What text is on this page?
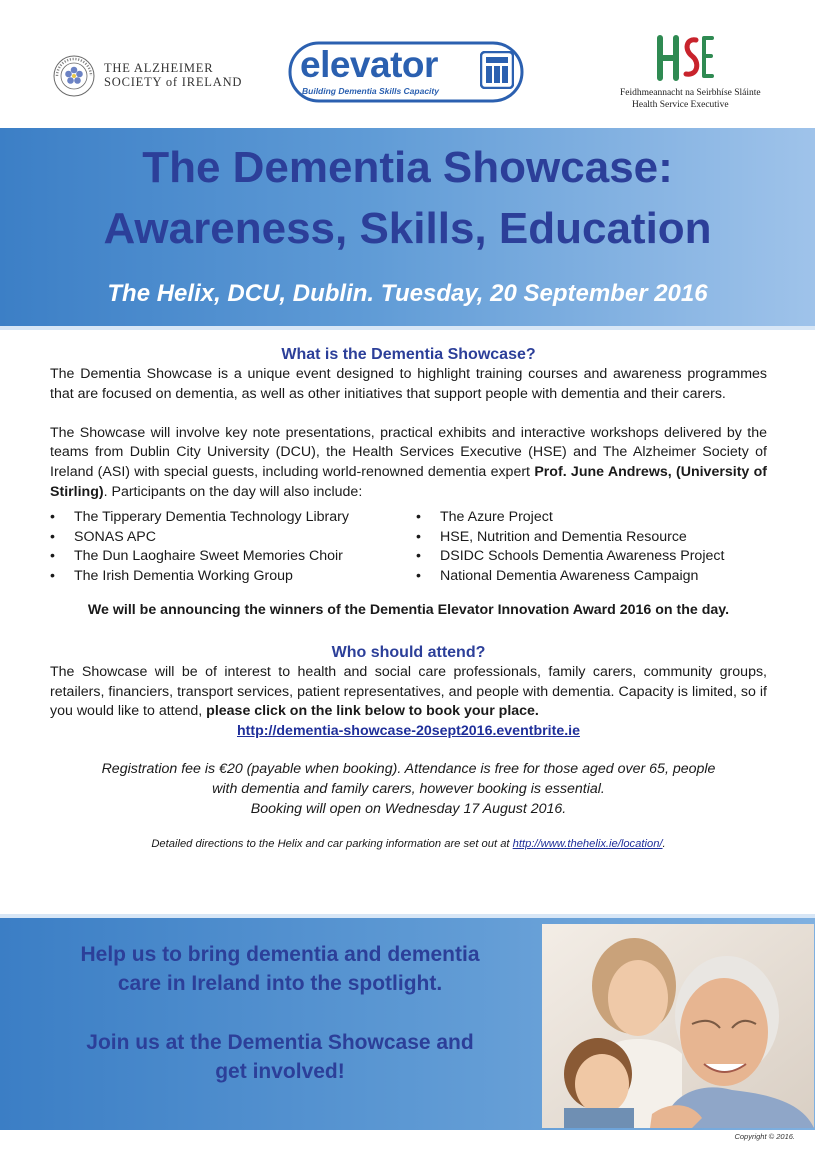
THE ALZHEIMER
SOCIETY of IRELAND elevator
Building Dementia Skills Capacity	Feidhmeannacht na Seirbhíse Sláinte
Health Service Executive
The Dementia Showcase:
Awareness, Skills, Education
The Helix, DCU, Dublin. Tuesday, 20 September 2016
What is the Dementia Showcase?

The Dementia Showcase is a unique event designed to highlight training courses and awareness programmes that are focused on dementia, as well as other initiatives that support people with dementia and their carers.

The Showcase will involve key note presentations, practical exhibits and interactive workshops delivered by the teams from Dublin City University (DCU), the Health Services Executive (HSE) and The Alzheimer Society of Ireland (ASI) with special guests, including world-renowned dementia expert Prof. June Andrews, (University of Stirling). Participants on the day will also include:

• The Tipperary Dementia Technology Library
• SONAS APC
• The Dun Laoghaire Sweet Memories Choir
• The Irish Dementia Working Group
• The Azure Project
• HSE, Nutrition and Dementia Resource
• DSIDC Schools Dementia Awareness Project
• National Dementia Awareness Campaign
We will be announcing the winners of the Dementia Elevator Innovation Award 2016 on the day.
Who should attend?

The Showcase will be of interest to health and social care professionals, family carers, community groups, retailers, financiers, transport services, patient representatives, and people with dementia. Capacity is limited, so if you would like to attend, please click on the link below to book your place.

http://dementia-showcase-20sept2016.eventbrite.ie
Registration fee is €20 (payable when booking). Attendance is free for those aged over 65, people
with dementia and family carers, however booking is essential.
Booking will open on Wednesday 17 August 2016.
Detailed directions to the Helix and car parking information are set out at http://www.thehelix.ie/location/.
Help us to bring dementia and dementia
care in Ireland into the spotlight.
Join us at the Dementia Showcase and
get involved!
Copyright © 2016.
